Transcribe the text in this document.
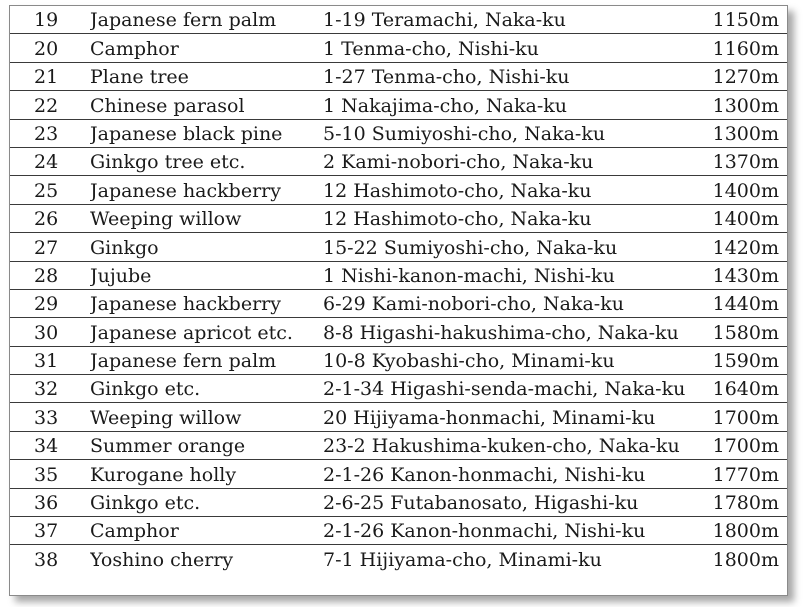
19	Japanese fern palm	1-19 Teramachi, Naka-ku	1150m
20	Camphor	1 Tenma-cho, Nishi-ku	1160m
21	Plane tree	1-27 Tenma-cho, Nishi-ku	1270m
22	Chinese parasol	1 Nakajima-cho, Naka-ku	1300m
23	Japanese black pine	5-10 Sumiyoshi-cho, Naka-ku	1300m
24	Ginkgo tree etc.	2 Kami-nobori-cho, Naka-ku	1370m
25	Japanese hackberry	12 Hashimoto-cho, Naka-ku	1400m
26	Weeping willow	12 Hashimoto-cho, Naka-ku	1400m
27	Ginkgo	15-22 Sumiyoshi-cho, Naka-ku	1420m
28	Jujube	1 Nishi-kanon-machi, Nishi-ku	1430m
29	Japanese hackberry	6-29 Kami-nobori-cho, Naka-ku	1440m
30	Japanese apricot etc.	8-8 Higashi-hakushima-cho, Naka-ku	1580m
31	Japanese fern palm	10-8 Kyobashi-cho, Minami-ku	1590m
32	Ginkgo etc.	2-1-34 Higashi-senda-machi, Naka-ku	1640m
33	Weeping willow	20 Hijiyama-honmachi, Minami-ku	1700m
34	Summer orange	23-2 Hakushima-kuken-cho, Naka-ku	1700m
35	Kurogane holly	2-1-26 Kanon-honmachi, Nishi-ku	1770m
36	Ginkgo etc.	2-6-25 Futabanosato, Higashi-ku	1780m
37	Camphor	2-1-26 Kanon-honmachi, Nishi-ku	1800m
38	Yoshino cherry	7-1 Hijiyama-cho, Minami-ku	1800m
